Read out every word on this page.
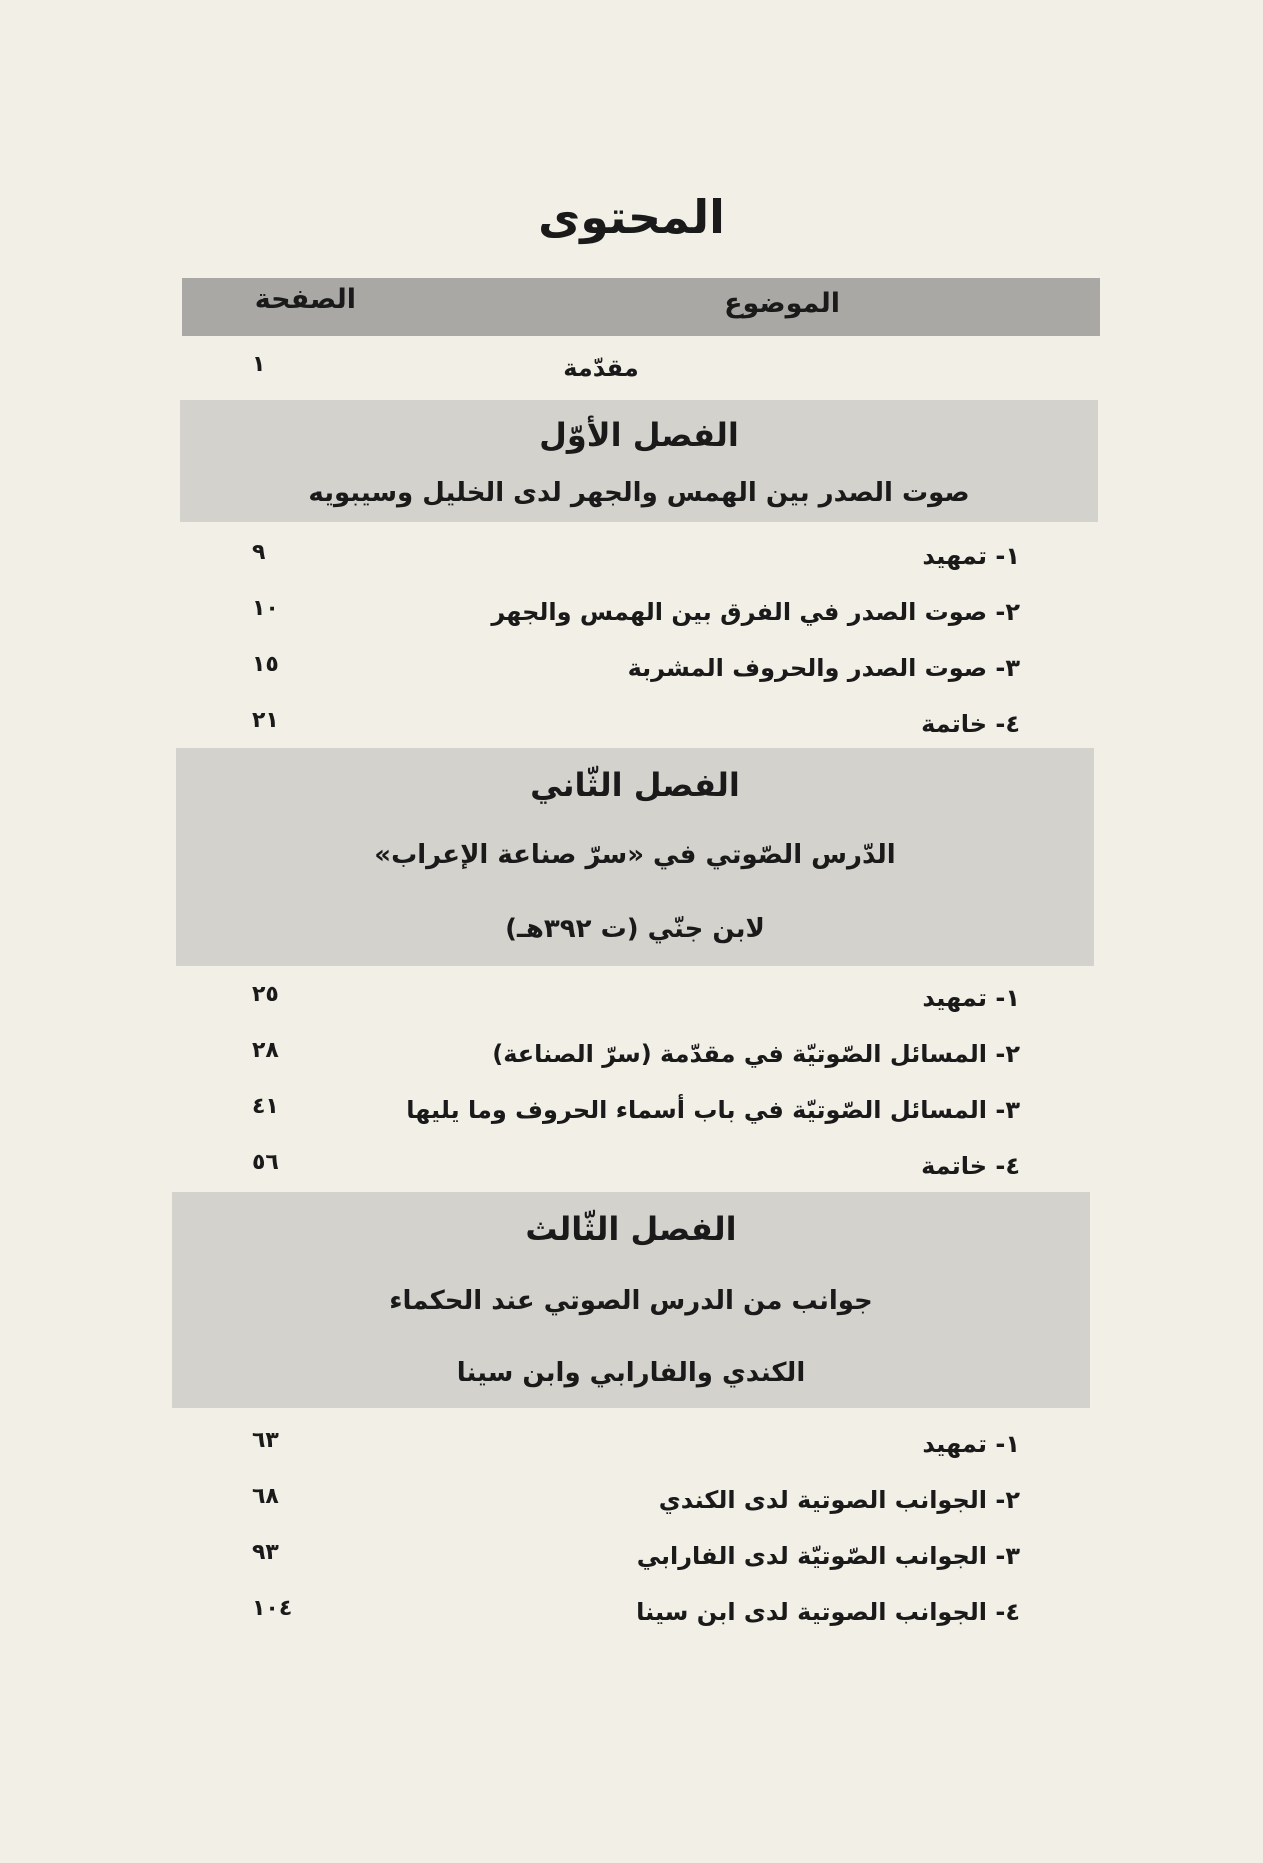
المحتوى
الموضوع
الصفحة
مقدّمة
١
الفصل الأوّل
صوت الصدر بين الهمس والجهر لدى الخليل وسيبويه
١- تمهيد
٩
٢- صوت الصدر في الفرق بين الهمس والجهر
١٠
٣- صوت الصدر والحروف المشربة
١٥
٤- خاتمة
٢١
الفصل الثّاني
الدّرس الصّوتي في «سرّ صناعة الإعراب»
لابن جنّي (ت ٣٩٢هـ)
١- تمهيد
٢٥
٢- المسائل الصّوتيّة في مقدّمة (سرّ الصناعة)
٢٨
٣- المسائل الصّوتيّة في باب أسماء الحروف وما يليها
٤١
٤- خاتمة
٥٦
الفصل الثّالث
جوانب من الدرس الصوتي عند الحكماء
الكندي والفارابي وابن سينا
١- تمهيد
٦٣
٢- الجوانب الصوتية لدى الكندي
٦٨
٣- الجوانب الصّوتيّة لدى الفارابي
٩٣
٤- الجوانب الصوتية لدى ابن سينا
١٠٤
